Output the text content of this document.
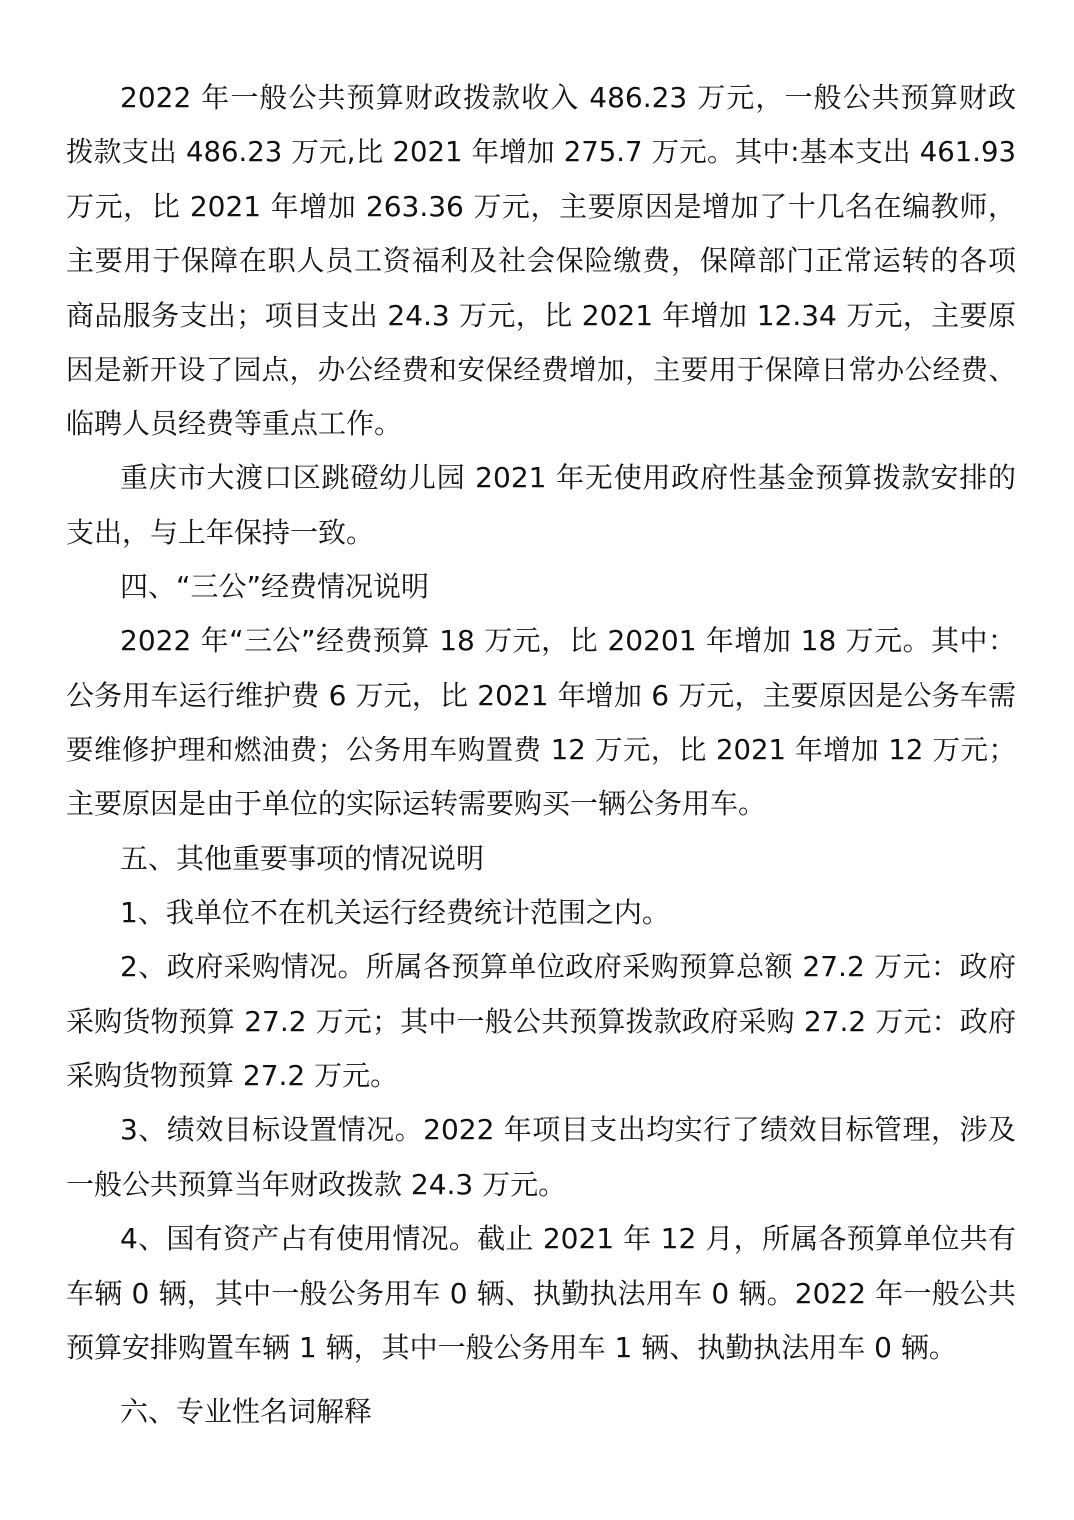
2022 年一般公共预算财政拨款收入 486.23 万元，一般公共预算财政
拨款支出 486.23 万元,比 2021 年增加 275.7 万元。其中:基本支出 461.93
万元，比 2021 年增加 263.36 万元，主要原因是增加了十几名在编教师，
主要用于保障在职人员工资福利及社会保险缴费，保障部门正常运转的各项
商品服务支出；项目支出 24.3 万元，比 2021 年增加 12.34 万元，主要原
因是新开设了园点，办公经费和安保经费增加，主要用于保障日常办公经费、
临聘人员经费等重点工作。
重庆市大渡口区跳磴幼儿园 2021 年无使用政府性基金预算拨款安排的
支出，与上年保持一致。
四、“三公”经费情况说明
2022 年“三公”经费预算 18 万元，比 20201 年增加 18 万元。其中：
公务用车运行维护费 6 万元，比 2021 年增加 6 万元，主要原因是公务车需
要维修护理和燃油费；公务用车购置费 12 万元，比 2021 年增加 12 万元；
主要原因是由于单位的实际运转需要购买一辆公务用车。
五、其他重要事项的情况说明
1、我单位不在机关运行经费统计范围之内。
2、政府采购情况。所属各预算单位政府采购预算总额 27.2 万元：政府
采购货物预算 27.2 万元；其中一般公共预算拨款政府采购 27.2 万元：政府
采购货物预算 27.2 万元。
3、绩效目标设置情况。2022 年项目支出均实行了绩效目标管理，涉及
一般公共预算当年财政拨款 24.3 万元。
4、国有资产占有使用情况。截止 2021 年 12 月，所属各预算单位共有
车辆 0 辆，其中一般公务用车 0 辆、执勤执法用车 0 辆。2022 年一般公共
预算安排购置车辆 1 辆，其中一般公务用车 1 辆、执勤执法用车 0 辆。
六、专业性名词解释
